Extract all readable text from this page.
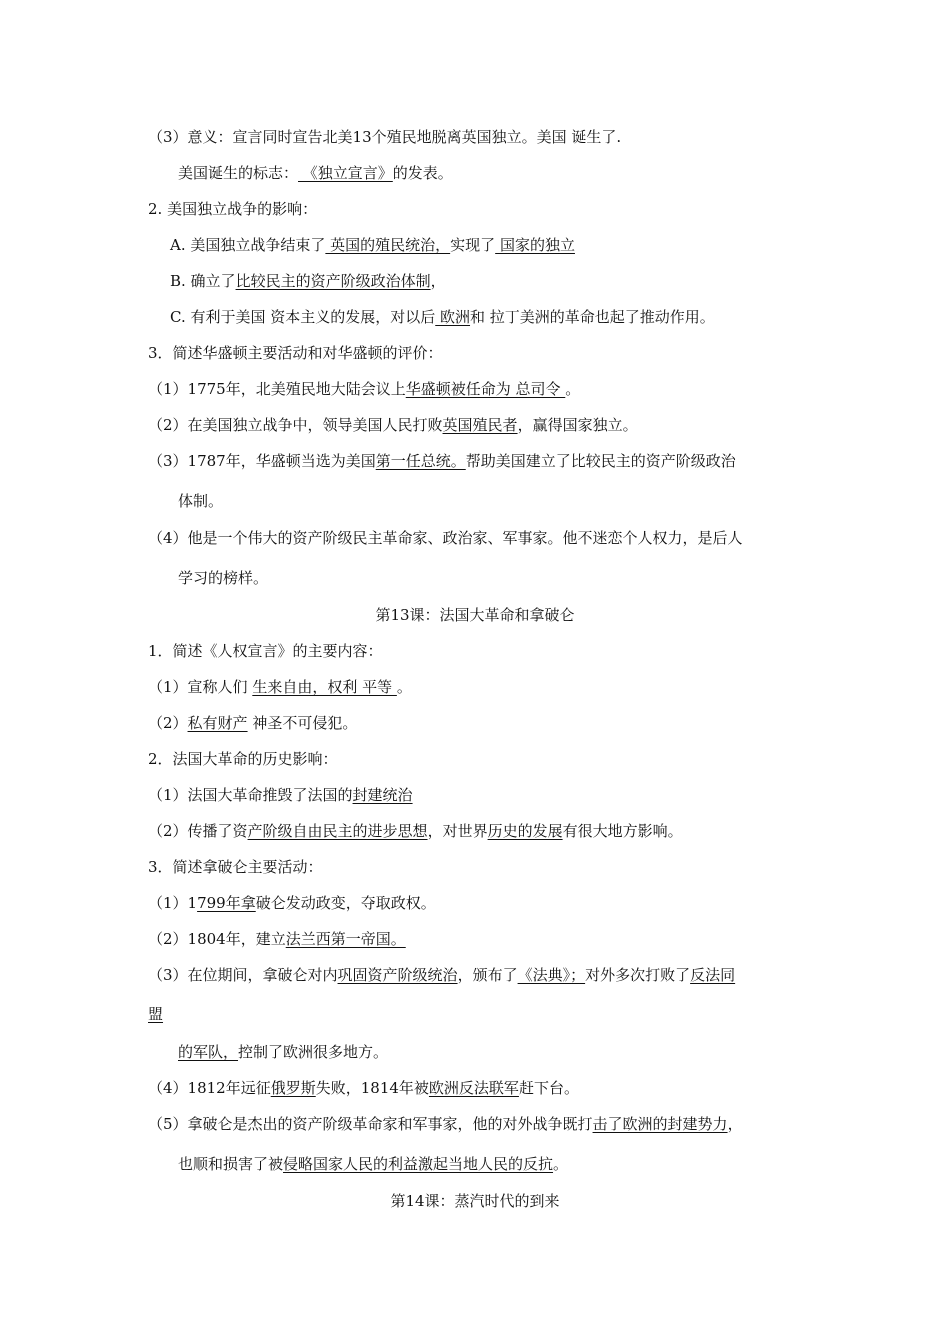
（3）意义：宣言同时宣告北美13个殖民地脱离英国独立。美国 诞生了.
美国诞生的标志： 《独立宣言》的发表。
2. 美国独立战争的影响：
A. 美国独立战争结束了 英国的殖民统治，实现了 国家的独立
B. 确立了比较民主的资产阶级政治体制，
C. 有利于美国 资本主义的发展，对以后 欧洲和 拉丁美洲的革命也起了推动作用。
3．简述华盛顿主要活动和对华盛顿的评价：
（1）1775年，北美殖民地大陆会议上华盛顿被任命为 总司令 。
（2）在美国独立战争中，领导美国人民打败英国殖民者，赢得国家独立。
（3）1787年，华盛顿当选为美国第一任总统。帮助美国建立了比较民主的资产阶级政治
体制。
（4）他是一个伟大的资产阶级民主革命家、政治家、军事家。他不迷恋个人权力，是后人
学习的榜样。
第13课：法国大革命和拿破仑
1．简述《人权宣言》的主要内容：
（1）宣称人们 生来自由，权利 平等 。
（2）私有财产 神圣不可侵犯。
2．法国大革命的历史影响：
（1）法国大革命推毁了法国的封建统治
（2）传播了资产阶级自由民主的进步思想，对世界历史的发展有很大地方影响。
3．简述拿破仑主要活动：
（1）1799年拿破仑发动政变，夺取政权。
（2）1804年，建立法兰西第一帝国。
（3）在位期间，拿破仑对内巩固资产阶级统治，颁布了《法典》；对外多次打败了反法同
盟
的军队，控制了欧洲很多地方。
（4）1812年远征俄罗斯失败，1814年被欧洲反法联军赶下台。
（5）拿破仑是杰出的资产阶级革命家和军事家，他的对外战争既打击了欧洲的封建势力，
也顺和损害了被侵略国家人民的利益激起当地人民的反抗。
第14课：蒸汽时代的到来
